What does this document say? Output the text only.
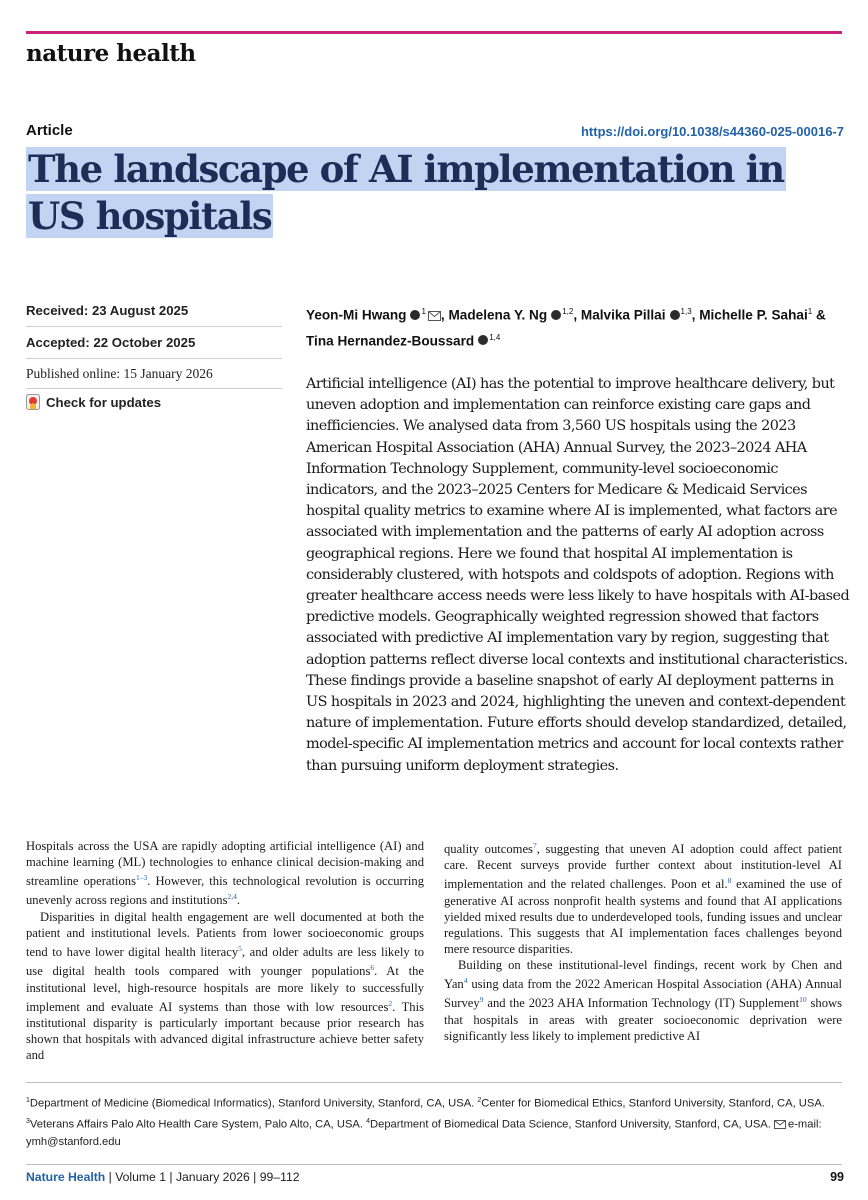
nature health
Article	https://doi.org/10.1038/s44360-025-00016-7
The landscape of AI implementation in
US hospitals
Received: 23 August 2025
Accepted: 22 October 2025
Published online: 15 January 2026
Check for updates
Yeon-Mi Hwang $^1$ , Madelena Y. Ng $^{1,2}$, Malvika Pillai $^{1,3}$, Michelle P. Sahai$^1$ & Tina Hernandez-Boussard $^{1,4}$
Artificial intelligence (AI) has the potential to improve healthcare delivery, but uneven adoption and implementation can reinforce existing care gaps and inefficiencies. We analysed data from 3,560 US hospitals using the 2023 American Hospital Association (AHA) Annual Survey, the 2023–2024 AHA Information Technology Supplement, community-level socioeconomic indicators, and the 2023–2025 Centers for Medicare & Medicaid Services hospital quality metrics to examine where AI is implemented, what factors are associated with implementation and the patterns of early AI adoption across geographical regions. Here we found that hospital AI implementation is considerably clustered, with hotspots and coldspots of adoption. Regions with greater healthcare access needs were less likely to have hospitals with AI-based predictive models. Geographically weighted regression showed that factors associated with predictive AI implementation vary by region, suggesting that adoption patterns reflect diverse local contexts and institutional characteristics. These findings provide a baseline snapshot of early AI deployment patterns in US hospitals in 2023 and 2024, highlighting the uneven and context-dependent nature of implementation. Future efforts should develop standardized, detailed, model-specific AI implementation metrics and account for local contexts rather than pursuing uniform deployment strategies.

Hospitals across the USA are rapidly adopting artificial intelligence (AI) and machine learning (ML) technologies to enhance clinical decision-making and streamline operations$^{1-3}$. However, this technological revolution is occurring unevenly across regions and institutions$^{2,4}$.

Disparities in digital health engagement are well documented at both the patient and institutional levels. Patients from lower socioeconomic groups tend to have lower digital health literacy$^5$, and older adults are less likely to use digital health tools compared with younger populations$^6$. At the institutional level, high-resource hospitals are more likely to successfully implement and evaluate AI systems than those with low resources$^2$. This institutional disparity is particularly important because prior research has shown that hospitals with advanced digital infrastructure achieve better safety and

quality outcomes$^7$, suggesting that uneven AI adoption could affect patient care. Recent surveys provide further context about institution-level AI implementation and the related challenges. Poon et al.$^8$ examined the use of generative AI across nonprofit health systems and found that AI applications yielded mixed results due to underdeveloped tools, funding issues and unclear regulations. This suggests that AI implementation faces challenges beyond mere resource disparities.

Building on these institutional-level findings, recent work by Chen and Yan$^4$ using data from the 2022 American Hospital Association (AHA) Annual Survey$^9$ and the 2023 AHA Information Technology (IT) Supplement$^{10}$ shows that hospitals in areas with greater socioeconomic deprivation were significantly less likely to implement predictive AI

$^1$Department of Medicine (Biomedical Informatics), Stanford University, Stanford, CA, USA. $^2$Center for Biomedical Ethics, Stanford University, Stanford, CA, USA. $^3$Veterans Affairs Palo Alto Health Care System, Palo Alto, CA, USA. $^4$Department of Biomedical Data Science, Stanford University, Stanford, CA, USA. e-mail: ymh@stanford.edu
Nature Health | Volume 1 | January 2026 | 99–112	99
